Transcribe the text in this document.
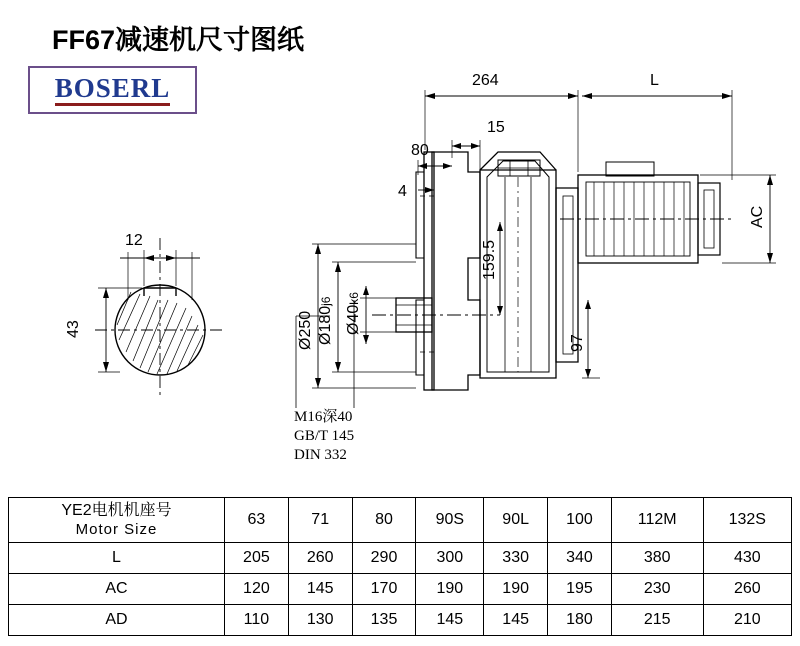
FF67减速机尺寸图纸
BOSERL
12
43
264	L
15
80
4
AC
Ø250 Ø180j6
Ø40k6
159.5
97
M16深40
GB/T 145
DIN 332
YE2电机机座号
Motor Size	63	71	80	90S	90L	100	112M	132S
L	205	260	290	300	330	340	380	430
AC	120	145	170	190	190	195	230	260
AD	110	130	135	145	145	180	215	210
